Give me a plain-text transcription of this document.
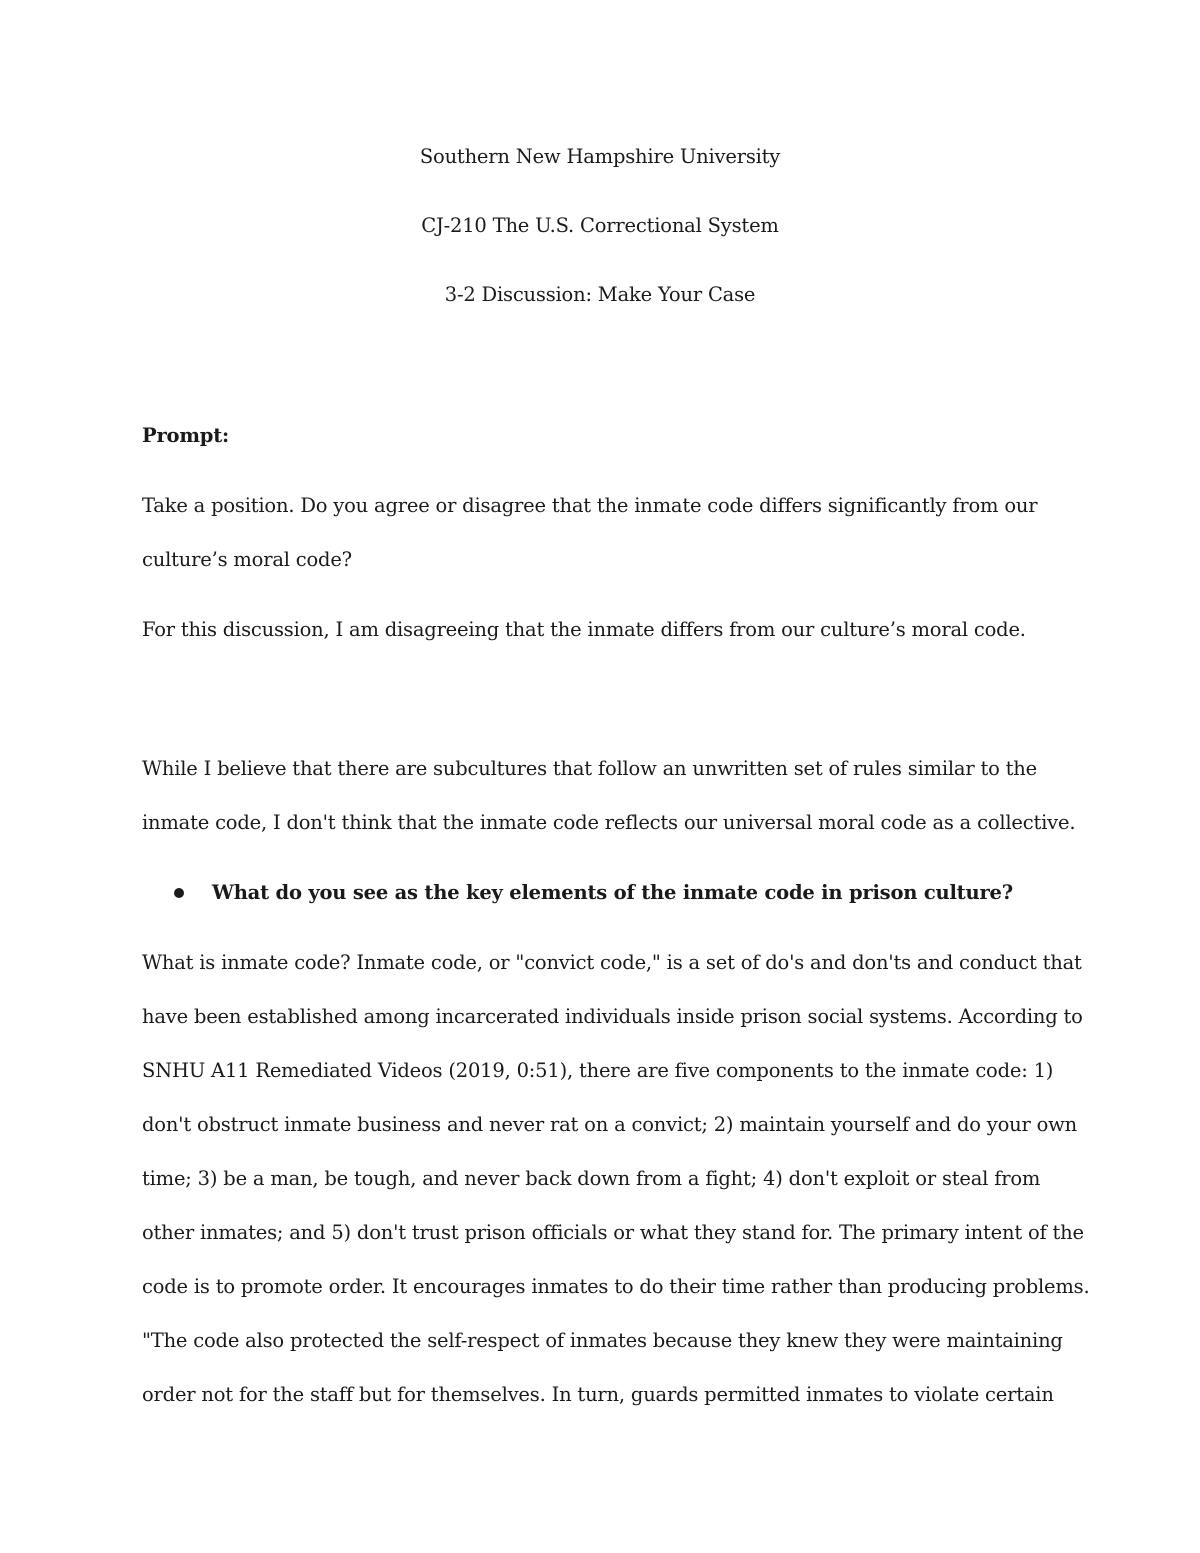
Southern New Hampshire University
CJ-210 The U.S. Correctional System
3-2 Discussion: Make Your Case
Prompt:
Take a position. Do you agree or disagree that the inmate code differs significantly from our
culture’s moral code?
For this discussion, I am disagreeing that the inmate differs from our culture’s moral code.
While I believe that there are subcultures that follow an unwritten set of rules similar to the
inmate code, I don't think that the inmate code reflects our universal moral code as a collective.
What do you see as the key elements of the inmate code in prison culture?
What is inmate code? Inmate code, or "convict code," is a set of do's and don'ts and conduct that
have been established among incarcerated individuals inside prison social systems. According to
SNHU A11 Remediated Videos (2019, 0:51), there are five components to the inmate code: 1)
don't obstruct inmate business and never rat on a convict; 2) maintain yourself and do your own
time; 3) be a man, be tough, and never back down from a fight; 4) don't exploit or steal from
other inmates; and 5) don't trust prison officials or what they stand for. The primary intent of the
code is to promote order. It encourages inmates to do their time rather than producing problems.
"The code also protected the self-respect of inmates because they knew they were maintaining
order not for the staff but for themselves. In turn, guards permitted inmates to violate certain
